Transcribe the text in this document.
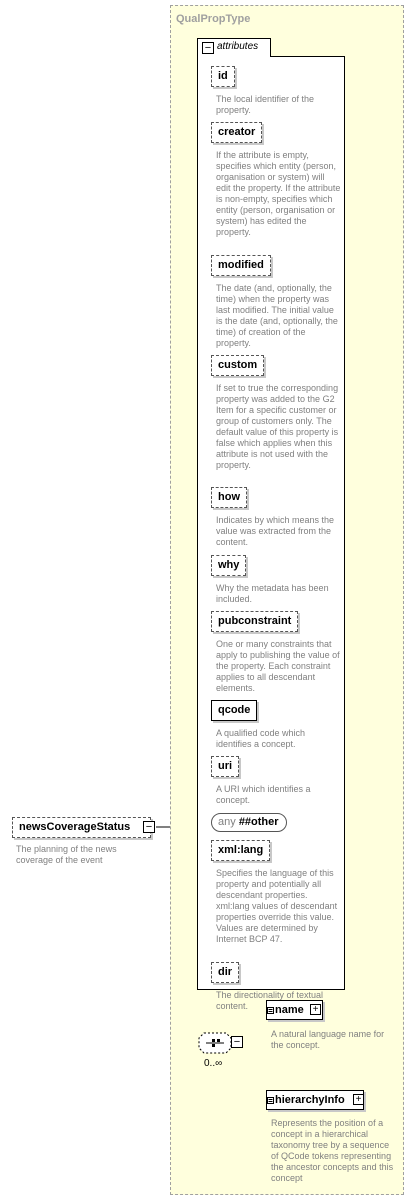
newsCoverageStatus	−
The planning of the news coverage of the event
QualPropType
− attributes
id
The local identifier of the property.
creator
If the attribute is empty, specifies which entity (person, organisation or system) will edit the property. If the attribute is non-empty, specifies which entity (person, organisation or system) has edited the property.
modified
The date (and, optionally, the time) when the property was last modified. The initial value is the date (and, optionally, the time) of creation of the property.
custom
If set to true the corresponding property was added to the G2 Item for a specific customer or group of customers only. The default value of this property is false which applies when this attribute is not used with the property.
how
Indicates by which means the value was extracted from the content.
why
Why the metadata has been included.
pubconstraint
One or many constraints that apply to publishing the value of the property. Each constraint applies to all descendant elements.
qcode
A qualified code which identifies a concept.
uri
A URI which identifies a concept.
any ##other
xml:lang
Specifies the language of this property and potentially all descendant properties. xml:lang values of descendant properties override this value. Values are determined by Internet BCP 47.
dir
The directionality of textual content.
−
0..∞
name +
A natural language name for the concept.
hierarchyInfo	+
Represents the position of a concept in a hierarchical taxonomy tree by a sequence of QCode tokens representing the ancestor concepts and this concept
